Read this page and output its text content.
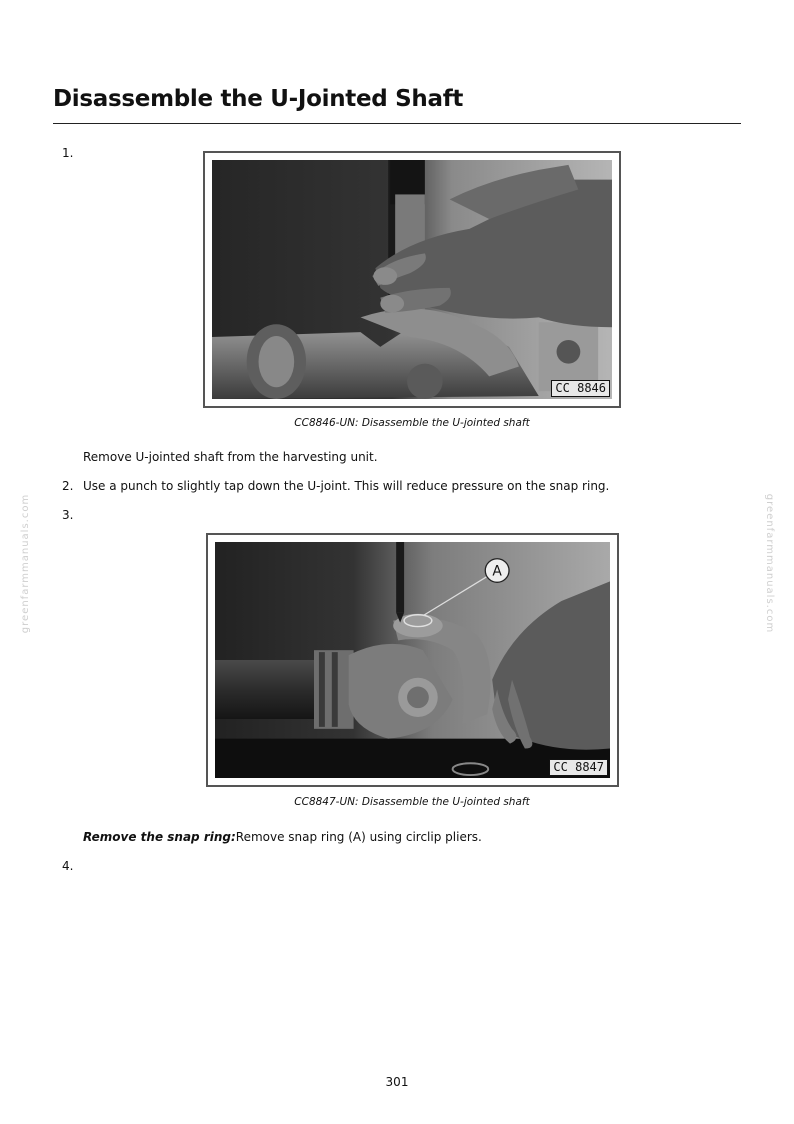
Disassemble the U-Jointed Shaft
1.
CC 8846
CC8846-UN: Disassemble the U-jointed shaft
Remove U-jointed shaft from the harvesting unit.
2. Use a punch to slightly tap down the U-joint. This will reduce pressure on the snap ring.
3.
A
CC 8847
CC8847-UN: Disassemble the U-jointed shaft
Remove the snap ring:Remove snap ring (A) using circlip pliers.
4.
greenfarmmanuals.com	greenfarmmanuals.com
301
